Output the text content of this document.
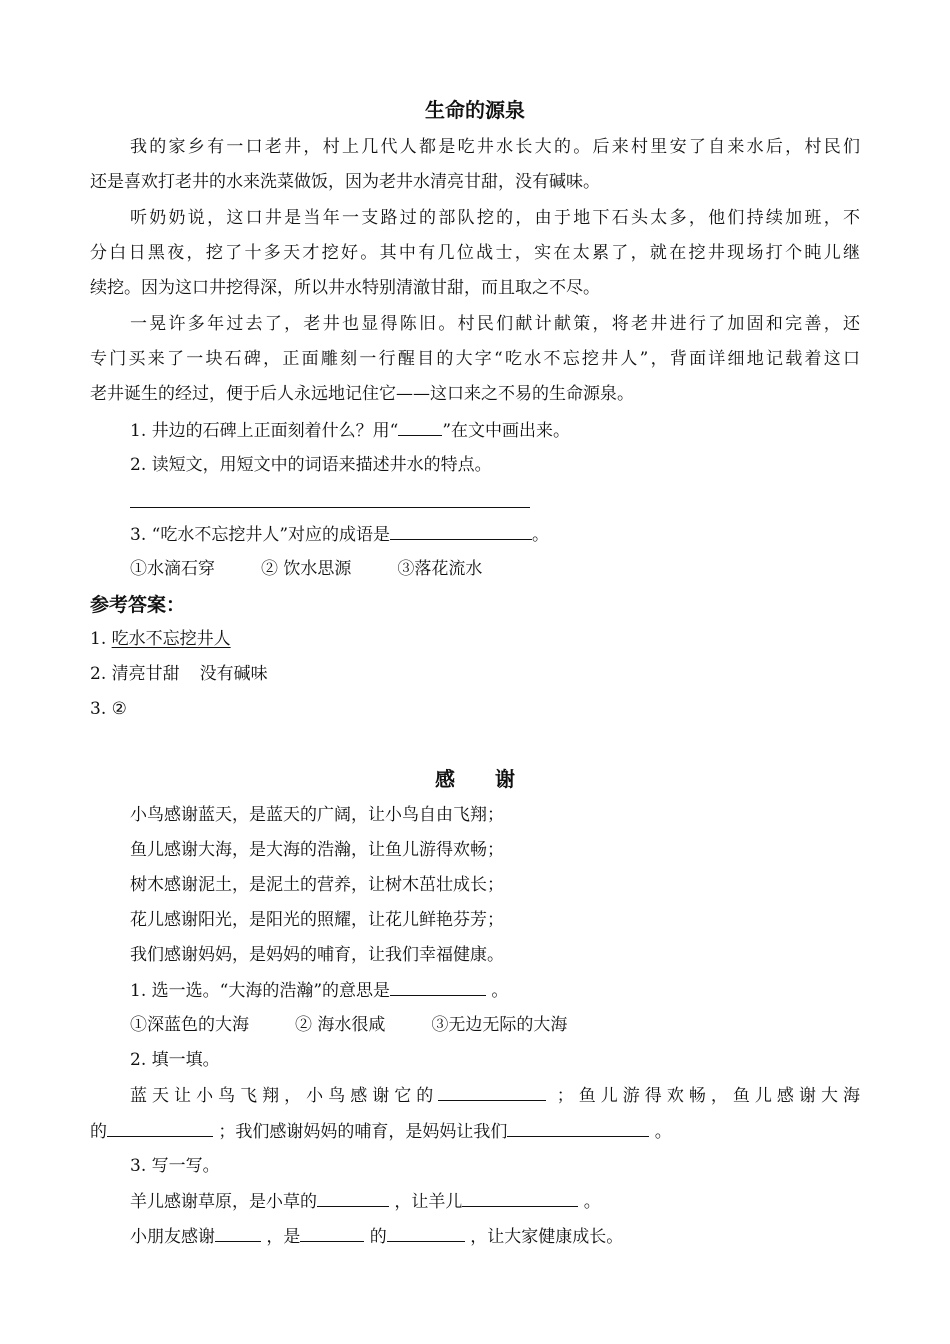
生命的源泉
我的家乡有一口老井，村上几代人都是吃井水长大的。后来村里安了自来水后，村民们
还是喜欢打老井的水来洗菜做饭，因为老井水清亮甘甜，没有碱味。
听奶奶说，这口井是当年一支路过的部队挖的，由于地下石头太多，他们持续加班，不
分白日黑夜，挖了十多天才挖好。其中有几位战士，实在太累了，就在挖井现场打个盹儿继
续挖。因为这口井挖得深，所以井水特别清澈甘甜，而且取之不尽。
一晃许多年过去了，老井也显得陈旧。村民们献计献策，将老井进行了加固和完善，还
专门买来了一块石碑，正面雕刻一行醒目的大字“吃水不忘挖井人”，背面详细地记载着这口
老井诞生的经过，便于后人永远地记住它——这口来之不易的生命源泉。
1. 井边的石碑上正面刻着什么？用“	”在文中画出来。
2. 读短文，用短文中的词语来描述井水的特点。
3. “吃水不忘挖井人”对应的成语是	。
①水滴石穿	② 饮水思源	③落花流水
参考答案：
1. 吃水不忘挖井人
2. 清亮甘甜 没有碱味
3. ②
感　　谢
小鸟感谢蓝天，是蓝天的广阔，让小鸟自由飞翔；
鱼儿感谢大海，是大海的浩瀚，让鱼儿游得欢畅；
树木感谢泥土，是泥土的营养，让树木茁壮成长；
花儿感谢阳光，是阳光的照耀，让花儿鲜艳芬芳；
我们感谢妈妈，是妈妈的哺育，让我们幸福健康。
1. 选一选。“大海的浩瀚”的意思是	。
①深蓝色的大海	② 海水很咸	③无边无际的大海
2. 填一填。
蓝天让小鸟飞翔，小鸟感谢它的	；鱼儿游得欢畅，鱼儿感谢大海
的	；我们感谢妈妈的哺育，是妈妈让我们	。
3. 写一写。
羊儿感谢草原，是小草的	，让羊儿	。
小朋友感谢	，是	的	，让大家健康成长。
